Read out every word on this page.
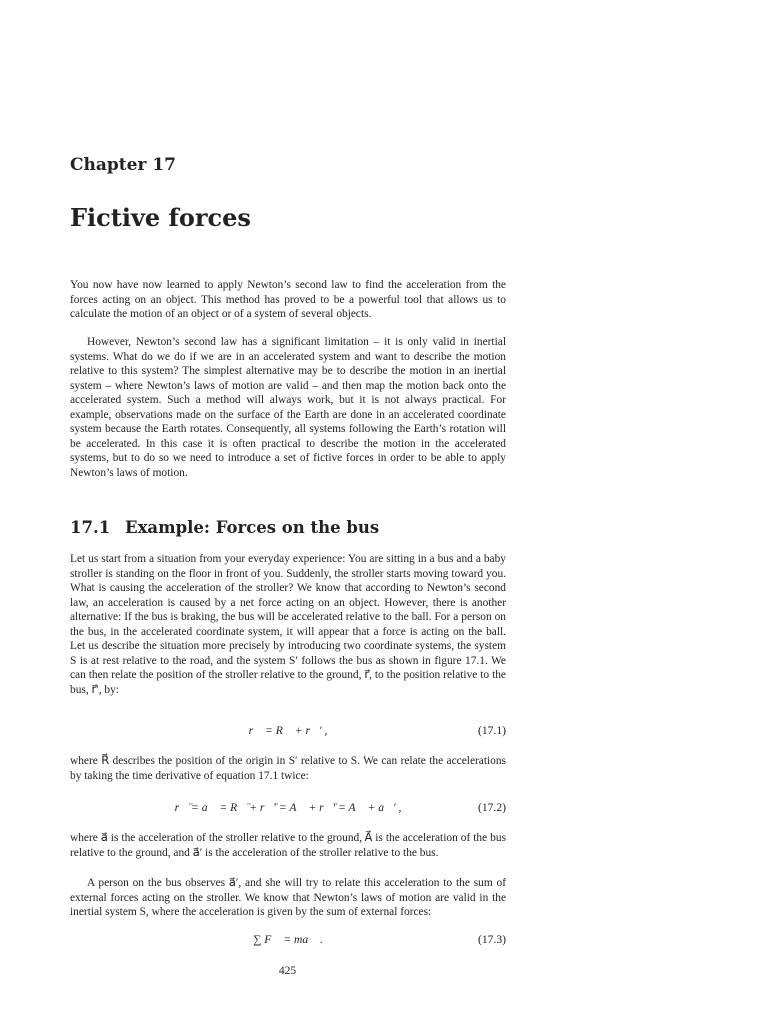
Chapter 17
Fictive forces

You now have now learned to apply Newton’s second law to find the acceleration from the forces acting on an object. This method has proved to be a powerful tool that allows us to calculate the motion of an object or of a system of several objects.

However, Newton’s second law has a significant limitation – it is only valid in inertial systems. What do we do if we are in an accelerated system and want to describe the motion relative to this system? The simplest alternative may be to describe the motion in an inertial system – where Newton’s laws of motion are valid – and then map the motion back onto the accelerated system. Such a method will always work, but it is not always practical. For example, observations made on the surface of the Earth are done in an accelerated coordinate system because the Earth rotates. Consequently, all systems following the Earth’s rotation will be accelerated. In this case it is often practical to describe the motion in the accelerated systems, but to do so we need to introduce a set of fictive forces in order to be able to apply Newton’s laws of motion.

17.1 Example: Forces on the bus

Let us start from a situation from your everyday experience: You are sitting in a bus and a baby stroller is standing on the floor in front of you. Suddenly, the stroller starts moving toward you. What is causing the acceleration of the stroller? We know that according to Newton’s second law, an acceleration is caused by a net force acting on an object. However, there is another alternative: If the bus is braking, the bus will be accelerated relative to the ball. For a person on the bus, in the accelerated coordinate system, it will appear that a force is acting on the ball. Let us describe the situation more precisely by introducing two coordinate systems, the system S is at rest relative to the road, and the system S′ follows the bus as shown in figure 17.1. We can then relate the position of the stroller relative to the ground, r⃗, to the position relative to the bus, r⃗′, by:

r⃗ = R⃗ + r⃗′ ,	(17.1)

where R⃗ describes the position of the origin in S′ relative to S. We can relate the accelerations by taking the time derivative of equation 17.1 twice:

r⃗̈ = a⃗ = R⃗̈ + r⃗̈′ = A⃗ + r⃗̈′ = A⃗ + a⃗′ ,	(17.2)

where a⃗ is the acceleration of the stroller relative to the ground, A⃗ is the acceleration of the bus relative to the ground, and a⃗′ is the acceleration of the stroller relative to the bus.

A person on the bus observes a⃗′, and she will try to relate this acceleration to the sum of external forces acting on the stroller. We know that Newton’s laws of motion are valid in the inertial system S, where the acceleration is given by the sum of external forces:

∑ F⃗ = ma⃗ .	(17.3)
425
